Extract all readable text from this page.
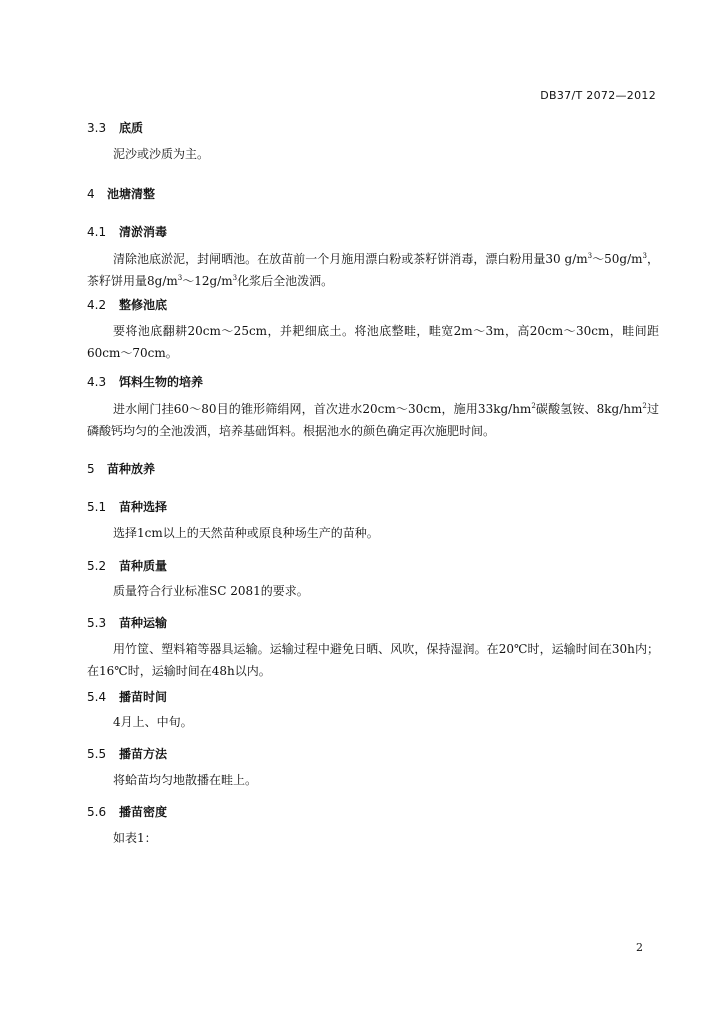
DB37/T 2072—2012
3.3 底质
泥沙或沙质为主。
4 池塘清整
4.1 清淤消毒
清除池底淤泥，封闸晒池。在放苗前一个月施用漂白粉或茶籽饼消毒，漂白粉用量30 $g/m^3\sim 50g/m^3$，茶籽饼用量$8g/m^3\sim 12g/m^3$化浆后全池泼洒。
4.2 整修池底
要将池底翻耕20cm～25cm，并耙细底土。将池底整畦，畦宽2m～3m，高20cm～30cm，畦间距60cm～70cm。
4.3 饵料生物的培养
进水闸门挂60～80目的锥形筛绢网，首次进水20cm～30cm，施用$33kg/hm^2$碳酸氢铵、$8kg/hm^2$过磷酸钙均匀的全池泼洒，培养基础饵料。根据池水的颜色确定再次施肥时间。
5 苗种放养
5.1 苗种选择
选择1cm以上的天然苗种或原良种场生产的苗种。
5.2 苗种质量
质量符合行业标准SC 2081的要求。
5.3 苗种运输
用竹筐、塑料箱等器具运输。运输过程中避免日晒、风吹，保持湿润。在20℃时，运输时间在30h内；在16℃时，运输时间在48h以内。
5.4 播苗时间
4月上、中旬。
5.5 播苗方法
将蛤苗均匀地散播在畦上。
5.6 播苗密度
如表1：
2
